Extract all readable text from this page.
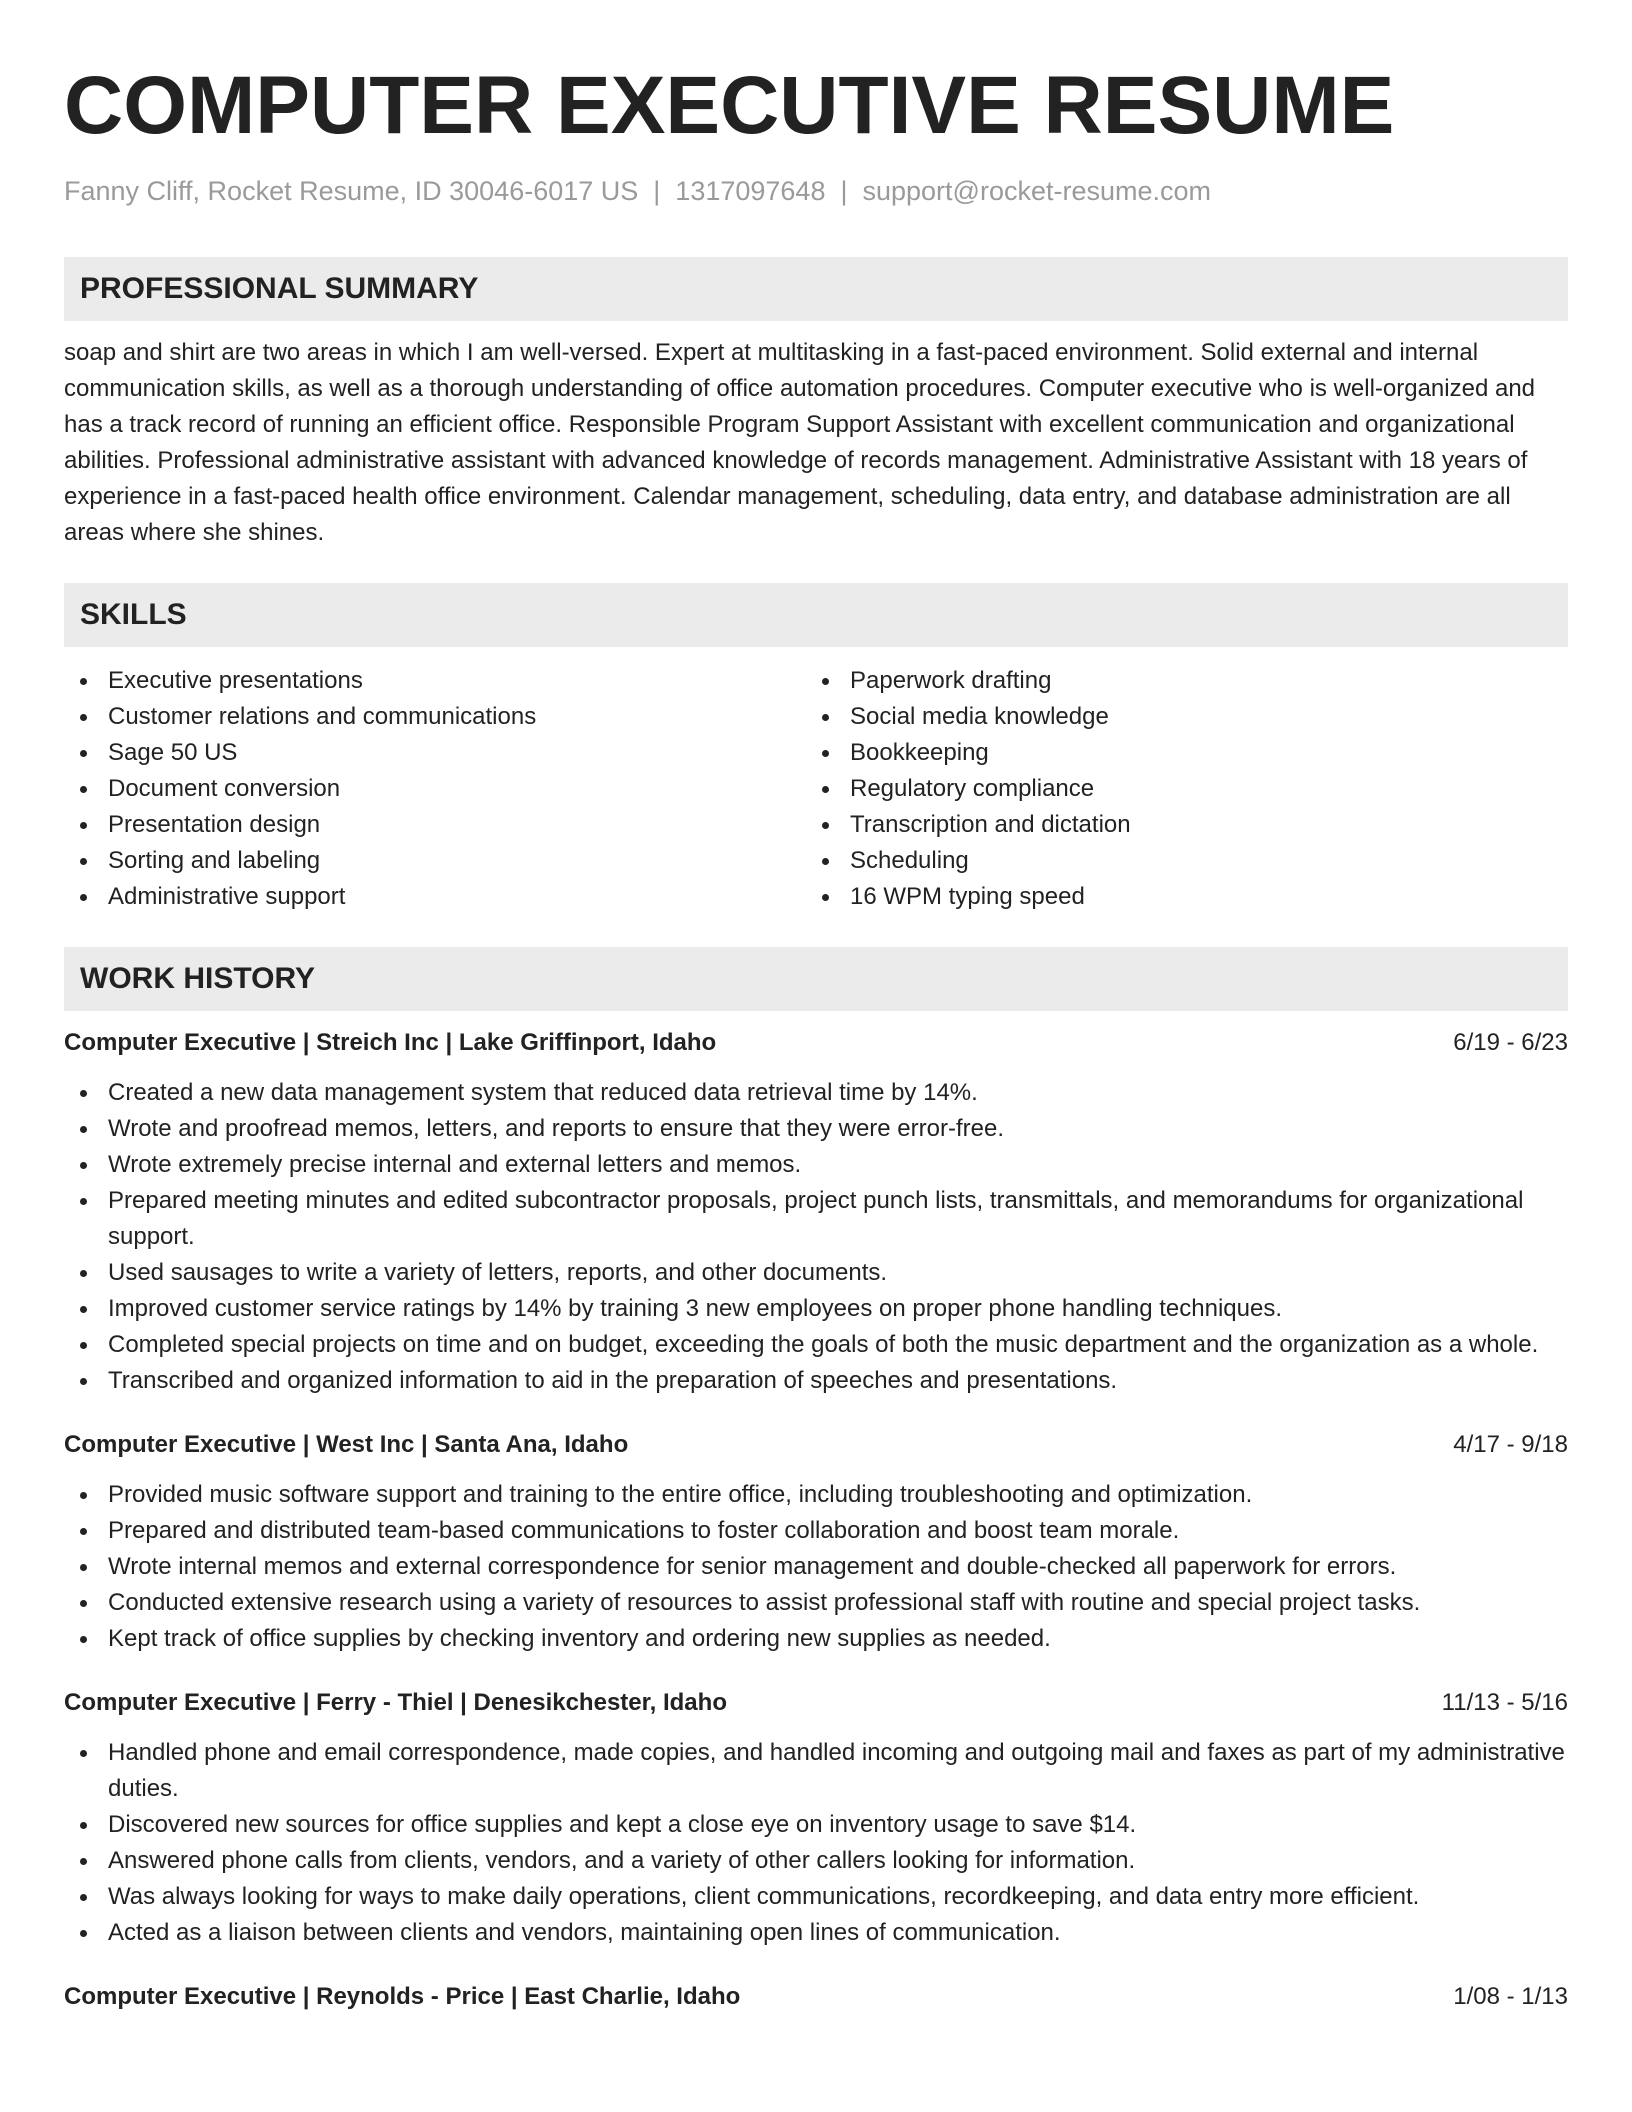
COMPUTER EXECUTIVE RESUME
Fanny Cliff, Rocket Resume, ID 30046-6017 US | 1317097648 | support@rocket-resume.com
PROFESSIONAL SUMMARY

soap and shirt are two areas in which I am well-versed. Expert at multitasking in a fast-paced environment. Solid external and internal communication skills, as well as a thorough understanding of office automation procedures. Computer executive who is well-organized and has a track record of running an efficient office. Responsible Program Support Assistant with excellent communication and organizational abilities. Professional administrative assistant with advanced knowledge of records management. Administrative Assistant with 18 years of experience in a fast-paced health office environment. Calendar management, scheduling, data entry, and database administration are all areas where she shines.

SKILLS
Executive presentations
Customer relations and communications
Sage 50 US
Document conversion
Presentation design
Sorting and labeling
Administrative support
Paperwork drafting
Social media knowledge
Bookkeeping
Regulatory compliance
Transcription and dictation
Scheduling
16 WPM typing speed
WORK HISTORY
Computer Executive | Streich Inc | Lake Griffinport, Idaho	6/19 - 6/23
Created a new data management system that reduced data retrieval time by 14%.
Wrote and proofread memos, letters, and reports to ensure that they were error-free.
Wrote extremely precise internal and external letters and memos.
Prepared meeting minutes and edited subcontractor proposals, project punch lists, transmittals, and memorandums for organizational support.
Used sausages to write a variety of letters, reports, and other documents.
Improved customer service ratings by 14% by training 3 new employees on proper phone handling techniques.
Completed special projects on time and on budget, exceeding the goals of both the music department and the organization as a whole.
Transcribed and organized information to aid in the preparation of speeches and presentations.
Computer Executive | West Inc | Santa Ana, Idaho	4/17 - 9/18
Provided music software support and training to the entire office, including troubleshooting and optimization.
Prepared and distributed team-based communications to foster collaboration and boost team morale.
Wrote internal memos and external correspondence for senior management and double-checked all paperwork for errors.
Conducted extensive research using a variety of resources to assist professional staff with routine and special project tasks.
Kept track of office supplies by checking inventory and ordering new supplies as needed.
Computer Executive | Ferry - Thiel | Denesikchester, Idaho	11/13 - 5/16
Handled phone and email correspondence, made copies, and handled incoming and outgoing mail and faxes as part of my administrative duties.
Discovered new sources for office supplies and kept a close eye on inventory usage to save $14.
Answered phone calls from clients, vendors, and a variety of other callers looking for information.
Was always looking for ways to make daily operations, client communications, recordkeeping, and data entry more efficient.
Acted as a liaison between clients and vendors, maintaining open lines of communication.
Computer Executive | Reynolds - Price | East Charlie, Idaho	1/08 - 1/13
